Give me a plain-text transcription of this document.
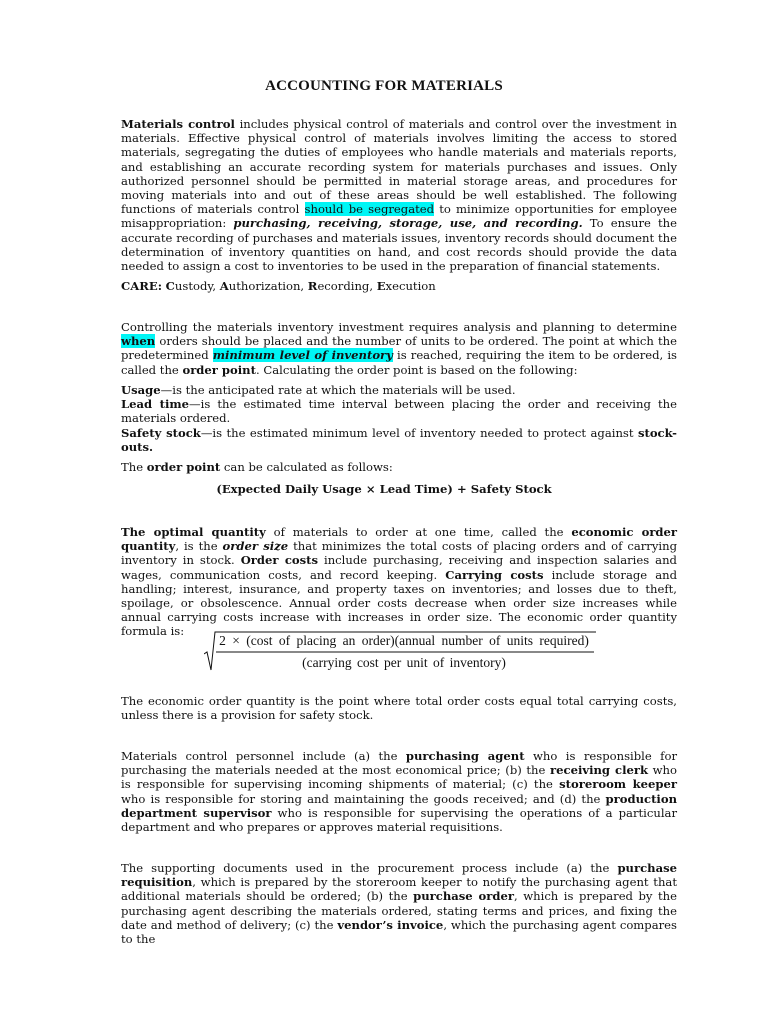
ACCOUNTING FOR MATERIALS

Materials control includes physical control of materials and control over the investment in materials. Effective physical control of materials involves limiting the access to stored materials, segregating the duties of employees who handle materials and materials reports, and establishing an accurate recording system for materials purchases and issues. Only authorized personnel should be permitted in material storage areas, and procedures for moving materials into and out of these areas should be well established. The following functions of materials control should be segregated to minimize opportunities for employee misappropriation: purchasing, receiving, storage, use, and recording. To ensure the accurate recording of purchases and materials issues, inventory records should document the determination of inventory quantities on hand, and cost records should provide the data needed to assign a cost to inventories to be used in the preparation of financial statements.

CARE: Custody, Authorization, Recording, Execution

Controlling the materials inventory investment requires analysis and planning to determine when orders should be placed and the number of units to be ordered. The point at which the predetermined minimum level of inventory is reached, requiring the item to be ordered, is called the order point. Calculating the order point is based on the following:

Usage—is the anticipated rate at which the materials will be used.
Lead time—is the estimated time interval between placing the order and receiving the materials ordered.
Safety stock—is the estimated minimum level of inventory needed to protect against stock-outs.

The order point can be calculated as follows:

(Expected Daily Usage × Lead Time) + Safety Stock

The optimal quantity of materials to order at one time, called the economic order quantity, is the order size that minimizes the total costs of placing orders and of carrying inventory in stock. Order costs include purchasing, receiving and inspection salaries and wages, communication costs, and record keeping. Carrying costs include storage and handling; interest, insurance, and property taxes on inventories; and losses due to theft, spoilage, or obsolescence. Annual order costs decrease when order size increases while annual carrying costs increase with increases in order size. The economic order quantity formula is:

2 × (cost of placing an order)(annual number of units required)
(carrying cost per unit of inventory)

The economic order quantity is the point where total order costs equal total carrying costs, unless there is a provision for safety stock.

Materials control personnel include (a) the purchasing agent who is responsible for purchasing the materials needed at the most economical price; (b) the receiving clerk who is responsible for supervising incoming shipments of material; (c) the storeroom keeper who is responsible for storing and maintaining the goods received; and (d) the production department supervisor who is responsible for supervising the operations of a particular department and who prepares or approves material requisitions.

The supporting documents used in the procurement process include (a) the purchase requisition, which is prepared by the storeroom keeper to notify the purchasing agent that additional materials should be ordered; (b) the purchase order, which is prepared by the purchasing agent describing the materials ordered, stating terms and prices, and fixing the date and method of delivery; (c) the vendor’s invoice, which the purchasing agent compares to the
